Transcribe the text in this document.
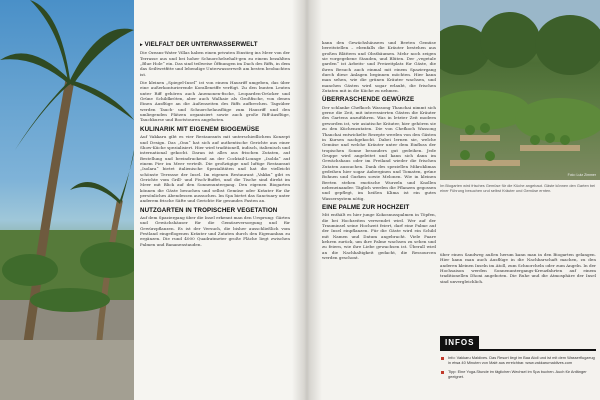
▸ VIELFALT DER UNTERWASSERWELT

Die Ozeans-Water Villas haben einen privaten Einstieg ins Meer von der Terrasse aus und bei hoher Schnorchelsehalt-gen zu einem bezahlten „Blue Hole“ ein. Das sind teilweise Öffnungen im Dach des Riffs, in dem das Seiltwetfitte und lebendige Unterwasserwelt am besten beobachten ist.

Die kleinen „Spiegel-Insel“ ist von einem Hausriff umgeben, das über eine außerkonturierende Korallenriffe verfügt. Zu den bunten Leuten unter Riff gehören auch Anemonen-fische, Leoparden-Drücker und Grüne Schildkröten, aber auch Walhaie als Großfische, von denen Einen Ausflüge an die Außenseiten des Riffs aufbrechen. Tagsüber werden Tauch- und Schnorchelausflüge zum Hausriff und den umliegenden Plätzen organisiert sowie auch große Riff-Ausflüge, Tauchkurse und Bootstouren angeboten.

KULINARIK MIT EIGENEM BIOGEMÜSE

Auf Vakkaru gibt es vier Restaurants mit unterschiedlichem Konzept und Design. Das „Onu“ hat sich auf authentische Gerichte aus einer Show-Küche spezialisiert. Hier wird traditionell, indisch, italienisch und international gekocht. Daran ist alles aus frischen Zutaten, auf Bestellung und beeindruckend an der Cocktail-Lounge „Isolda“ auf einem Pier im Meer verteilt. Die großzügige und luftige Restaurant „Isolara“ bietet italienische Spezialitäten und hat die vielleicht schönste Terrasse der Insel. Im eigenen Restaurant „Vakku“ gibt es Gerichte vom Grill- und Fisch-Buffet, und die Tische sind direkt im Meer mit Blick auf den Sonnenuntergang. Den eigenen Biogarten können die Gäste besuchen und selbst Gemüse oder Kräuter für ihr persönliches Abendessen aussuchen. Im Spa bietet das Sanctuary unter anderem frische Säfte und Gerichte für gesundes Fasten an.

NUTZGARTEN IN TROPISCHER VEGETATION

Auf dem Spaziergang über die Insel erkennt man den Ursprung: Gärten und Gewächshäuser für die Gemüseversorgung und für Gewürzpflanzen. Es ist der Versuch, die bisher ausschließlich vom Festland eingeflogenen Kräuter und Zutaten durch den Eigenanbau zu ergänzen. Die rund 4000 Quadratmeter große Fläche liegt zwischen Palmen und Bananenstauden.

kann den Gewächshäusern und Beeten Gemüse bereitstellen – ebenfalls die Kräuter bestehen aus großen Blättern und Obstbäumen. Mehr noch zeigen sie vorgegebene Stauden, und Blüten. Der „vegetale garden“ ist Arbeits- und Freizeitplatz für Gäste, die ihren Besuch auch einmal mit einem Spaziergang durch diese Anlagen beginnen möchten. Hier kann man sehen, wie die grünen Kräuter wachsen, und manchen Gästen wird sogar erlaubt, die frischen Zutaten mit in die Küche zu nehmen.

ÜBERRASCHENDE GEWÜRZE

Der schlanke Chefkoch Wassong Thanchai nimmt sich gerne die Zeit, mit interessierten Gästen die Kräuter des Gartens anzuführen. Was in letzter Zeit modern geworden ist, wie asiatische Kräuter, hier gehören sie zu den Küchenzutaten. Die von Chefkoch Wassong Thanchai entwickelte Rezepte werden von den Gästen in Kursen nachgekocht. Dabei lernen sie, welche Gemüse und welche Kräuter unter dem Einfluss der tropischen Sonne besonders gut gedeihen. Jede Gruppe wird angeleitet und kann sich dann im Gewächshaus oder im Freiland wieder die frischen Zutaten aussuchen. Dank des speziellen Mikroklimas gedeihen hier sogar Auberginen und Tomaten, grüne Bohnen und Gurken sowie Melonen. Wie in kleinen Beeten stehen exotische Wurzeln und Knollen nebeneinander. Täglich werden die Pflanzen gegossen und gepflegt, im heißen Klima ist ein gutes Wassersystem nötig.

EINE PALME ZUR HOCHZEIT

Mit enthält es hier junge Kokosnusspalmen in Töpfen, die bei Hochzeiten verwendet wird. Wer auf der Trauminsel seine Hochzeit feiert, darf eine Palme auf der Insel einpflanzen. Für die Gäste wird ein Schild mit Namen und Datum angebracht. Viele Paare kehren zurück, um ihre Palme wachsen zu sehen und zu feiern, wie ihre Liebe gewachsen ist. Überall wird an die Nachhaltigkeit gedacht, die Ressourcen werden geschont.

Foto: Lutz Zimmer
Im Biogarten wird frisches Gemüse für die Küche angebaut. Gäste können den Garten bei einer Führung besuchen und selbst Kräuter und Gemüse ernten.

über einen Sandweg außen herum kann man in den Biogarten gelangen. Hier kann man auch Ausflüge in die Nachbarschaft machen, zu den anderen kleinen Inseln im Atoll, zum Schnorcheln oder zum Angeln. In der Hochsaison werden Sonnenuntergangs-Kreuzfahrten auf einem traditionellen Dhoni angeboten. Die Ruhe und die Atmosphäre der Insel sind unvergleichlich.

INFOS

Info: Vakkaru Maldives. Das Resort liegt im Baa Atoll und ist mit dem Wasserflugzeug in etwa 40 Minuten von Malé aus erreichbar. www.vakkarumaldives.com

Tipp: Eine Yoga-Stunde im täglichen Wechsel im Spa buchen. Auch für Anfänger geeignet.
